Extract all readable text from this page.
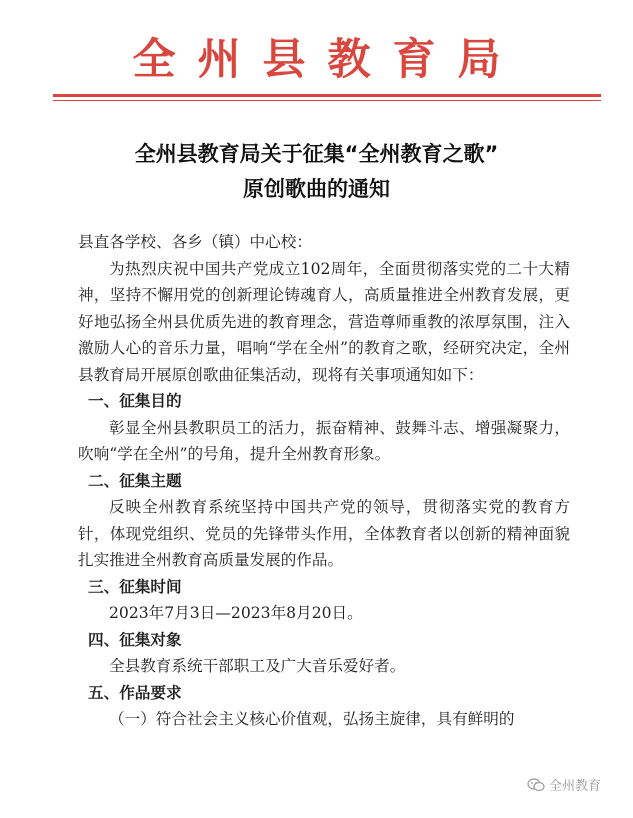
全州县教育局
全州县教育局关于征集“全州教育之歌”
原创歌曲的通知

县直各学校、各乡（镇）中心校：

为热烈庆祝中国共产党成立102周年，全面贯彻落实党的二十大精神，坚持不懈用党的创新理论铸魂育人，高质量推进全州教育发展，更好地弘扬全州县优质先进的教育理念，营造尊师重教的浓厚氛围，注入激励人心的音乐力量，唱响“学在全州”的教育之歌，经研究决定，全州县教育局开展原创歌曲征集活动，现将有关事项通知如下：

一、征集目的

彰显全州县教职员工的活力，振奋精神、鼓舞斗志、增强凝聚力，吹响“学在全州”的号角，提升全州教育形象。

二、征集主题

反映全州教育系统坚持中国共产党的领导，贯彻落实党的教育方针，体现党组织、党员的先锋带头作用，全体教育者以创新的精神面貌扎实推进全州教育高质量发展的作品。

三、征集时间

2023年7月3日—2023年8月20日。

四、征集对象

全县教育系统干部职工及广大音乐爱好者。

五、作品要求

（一）符合社会主义核心价值观，弘扬主旋律，具有鲜明的

全州教育
